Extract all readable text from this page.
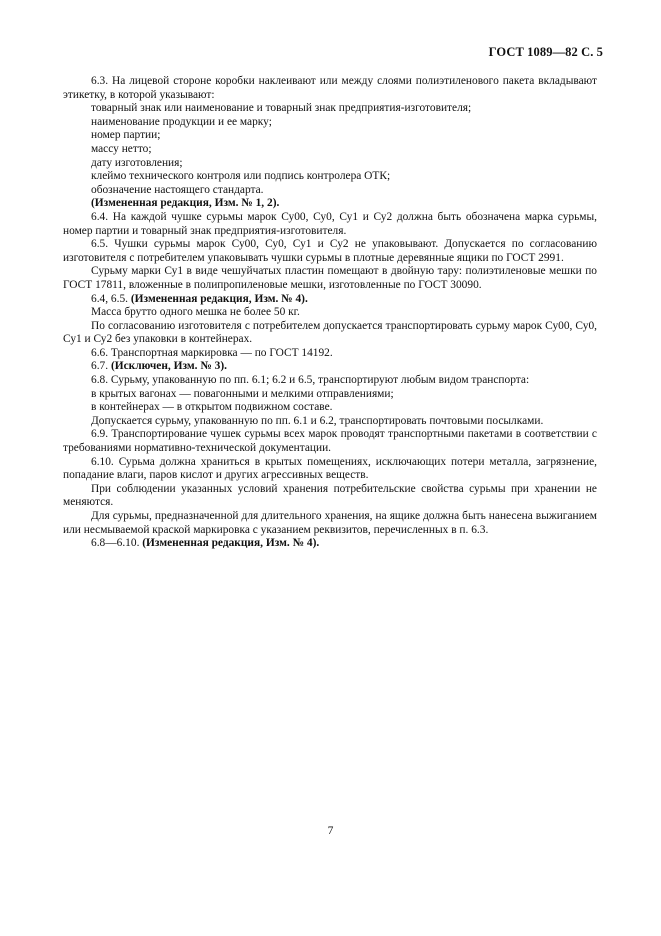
ГОСТ 1089—82 С. 5

6.3. На лицевой стороне коробки наклеивают или между слоями полиэтиленового пакета вкладывают этикетку, в которой указывают:

товарный знак или наименование и товарный знак предприятия-изготовителя;

наименование продукции и ее марку;

номер партии;

массу нетто;

дату изготовления;

клеймо технического контроля или подпись контролера ОТК;

обозначение настоящего стандарта.

(Измененная редакция, Изм. № 1, 2).

6.4. На каждой чушке сурьмы марок Су00, Су0, Су1 и Су2 должна быть обозначена марка сурьмы, номер партии и товарный знак предприятия-изготовителя.

6.5. Чушки сурьмы марок Су00, Су0, Су1 и Су2 не упаковывают. Допускается по согласованию изготовителя с потребителем упаковывать чушки сурьмы в плотные деревянные ящики по ГОСТ 2991.

Сурьму марки Су1 в виде чешуйчатых пластин помещают в двойную тару: полиэтиленовые мешки по ГОСТ 17811, вложенные в полипропиленовые мешки, изготовленные по ГОСТ 30090.

6.4, 6.5. (Измененная редакция, Изм. № 4).

Масса брутто одного мешка не более 50 кг.

По согласованию изготовителя с потребителем допускается транспортировать сурьму марок Су00, Су0, Су1 и Су2 без упаковки в контейнерах.

6.6. Транспортная маркировка — по ГОСТ 14192.

6.7. (Исключен, Изм. № 3).

6.8. Сурьму, упакованную по пп. 6.1; 6.2 и 6.5, транспортируют любым видом транспорта:

в крытых вагонах — повагонными и мелкими отправлениями;

в контейнерах — в открытом подвижном составе.

Допускается сурьму, упакованную по пп. 6.1 и 6.2, транспортировать почтовыми посылками.

6.9. Транспортирование чушек сурьмы всех марок проводят транспортными пакетами в соответствии с требованиями нормативно-технической документации.

6.10. Сурьма должна храниться в крытых помещениях, исключающих потери металла, загрязнение, попадание влаги, паров кислот и других агрессивных веществ.

При соблюдении указанных условий хранения потребительские свойства сурьмы при хранении не меняются.

Для сурьмы, предназначенной для длительного хранения, на ящике должна быть нанесена выжиганием или несмываемой краской маркировка с указанием реквизитов, перечисленных в п. 6.3.

6.8—6.10. (Измененная редакция, Изм. № 4).

7
